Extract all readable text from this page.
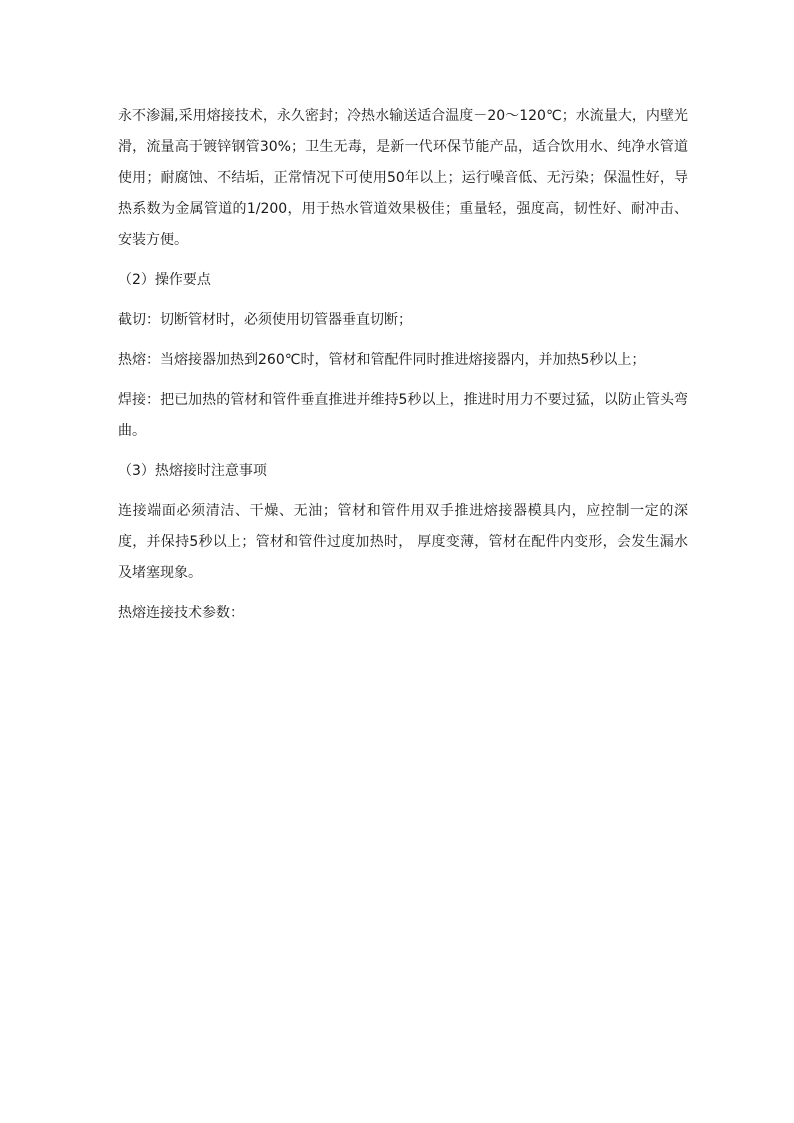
永不渗漏,采用熔接技术，永久密封；冷热水输送适合温度－20～120℃；水流量大，内壁光滑，流量高于镀锌钢管30%；卫生无毒，是新一代环保节能产品，适合饮用水、纯净水管道使用；耐腐蚀、不结垢，正常情况下可使用50年以上；运行噪音低、无污染；保温性好，导热系数为金属管道的1/200，用于热水管道效果极佳；重量轻，强度高，韧性好、耐冲击、安装方便。

（2）操作要点

截切：切断管材时，必须使用切管器垂直切断；

热熔：当熔接器加热到260℃时，管材和管配件同时推进熔接器内，并加热5秒以上；

焊接：把已加热的管材和管件垂直推进并维持5秒以上，推进时用力不要过猛，以防止管头弯曲。

（3）热熔接时注意事项

连接端面必须清洁、干燥、无油；管材和管件用双手推进熔接器模具内，应控制一定的深度，并保持5秒以上；管材和管件过度加热时， 厚度变薄，管材在配件内变形，会发生漏水及堵塞现象。

热熔连接技术参数：
